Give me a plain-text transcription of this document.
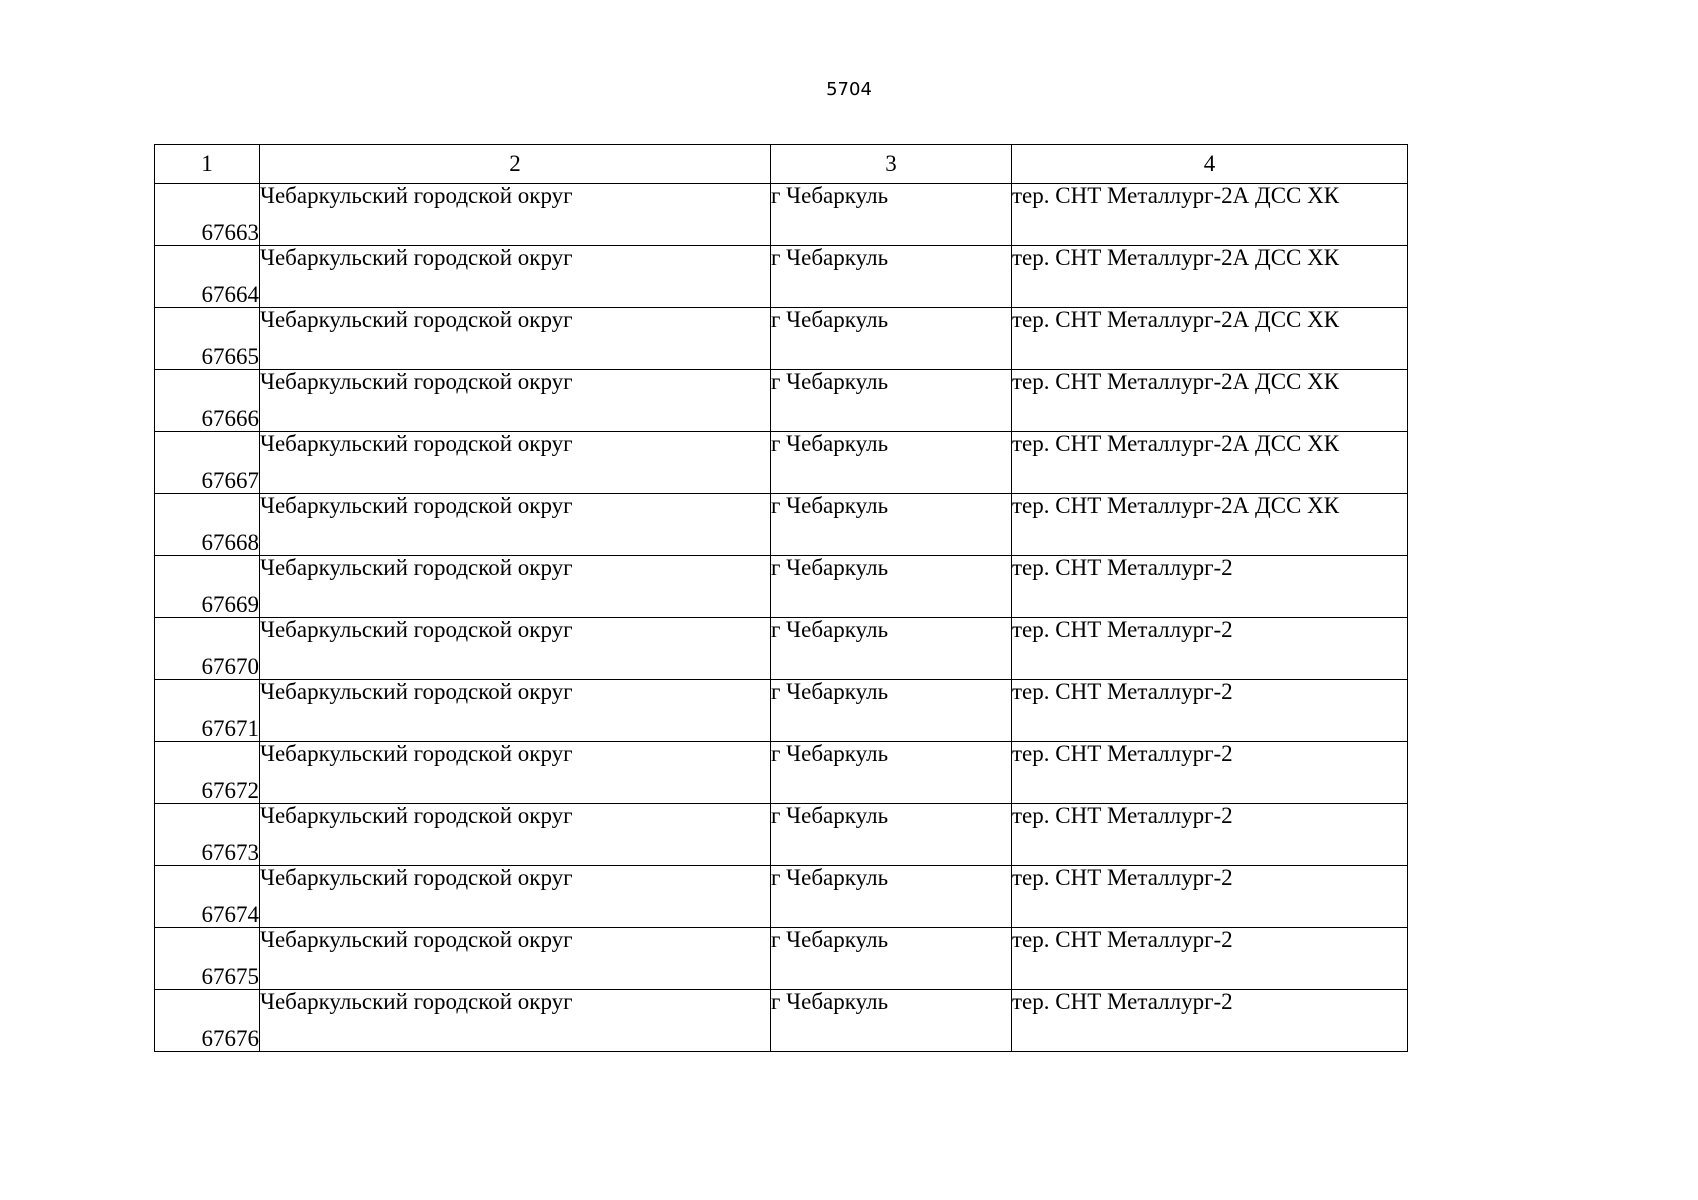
5704
1	2	3	4
67663	Чебаркульский городской округ	г Чебаркуль	тер. СНТ Металлург-2А ДСС ХК
67664	Чебаркульский городской округ	г Чебаркуль	тер. СНТ Металлург-2А ДСС ХК
67665	Чебаркульский городской округ	г Чебаркуль	тер. СНТ Металлург-2А ДСС ХК
67666	Чебаркульский городской округ	г Чебаркуль	тер. СНТ Металлург-2А ДСС ХК
67667	Чебаркульский городской округ	г Чебаркуль	тер. СНТ Металлург-2А ДСС ХК
67668	Чебаркульский городской округ	г Чебаркуль	тер. СНТ Металлург-2А ДСС ХК
67669	Чебаркульский городской округ	г Чебаркуль	тер. СНТ Металлург-2
67670	Чебаркульский городской округ	г Чебаркуль	тер. СНТ Металлург-2
67671	Чебаркульский городской округ	г Чебаркуль	тер. СНТ Металлург-2
67672	Чебаркульский городской округ	г Чебаркуль	тер. СНТ Металлург-2
67673	Чебаркульский городской округ	г Чебаркуль	тер. СНТ Металлург-2
67674	Чебаркульский городской округ	г Чебаркуль	тер. СНТ Металлург-2
67675	Чебаркульский городской округ	г Чебаркуль	тер. СНТ Металлург-2
67676	Чебаркульский городской округ	г Чебаркуль	тер. СНТ Металлург-2
